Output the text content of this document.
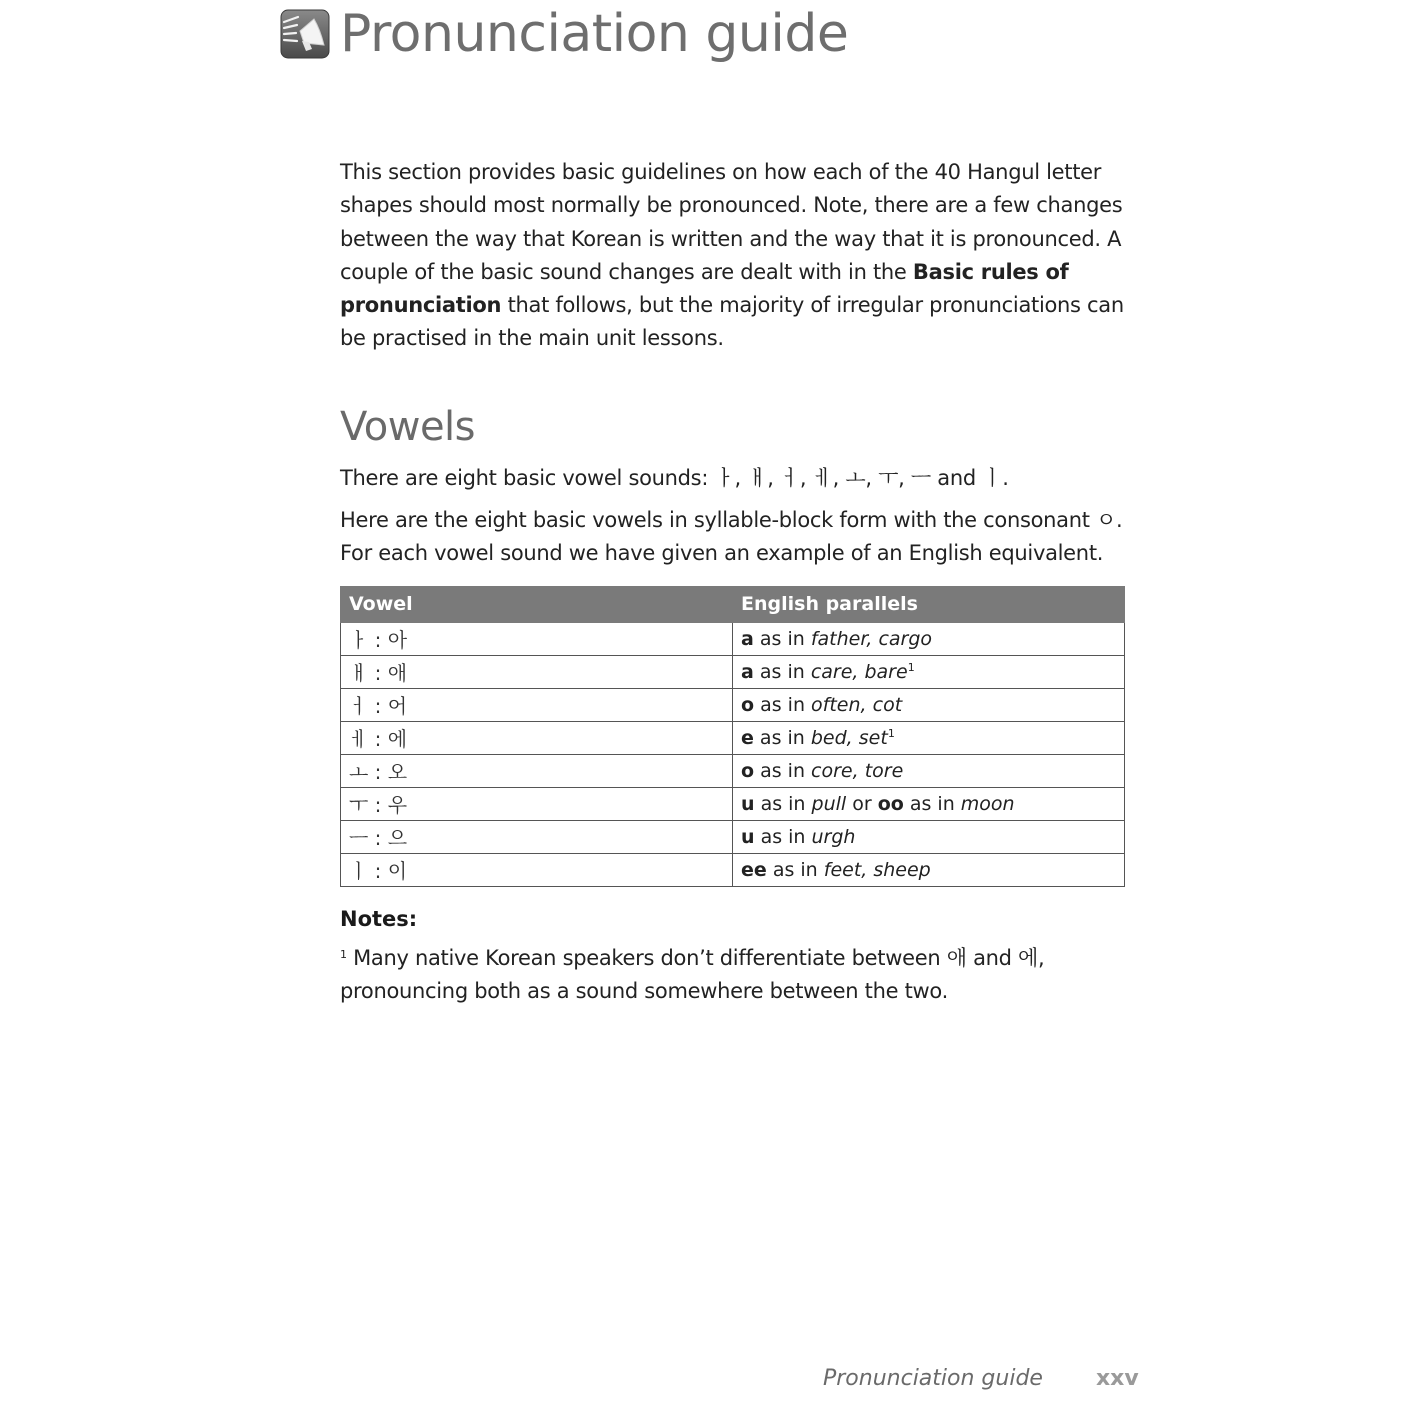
Pronunciation guide

This section provides basic guidelines on how each of the 40 Hangul letter shapes should most normally be pronounced. Note, there are a few changes between the way that Korean is written and the way that it is pronounced. A couple of the basic sound changes are dealt with in the Basic rules of pronunciation that follows, but the majority of irregular pronunciations can be practised in the main unit lessons.

Vowels

There are eight basic vowel sounds: ㅏ, ㅐ, ㅓ, ㅔ, ㅗ, ㅜ, ㅡ and ㅣ.

Here are the eight basic vowels in syllable-block form with the consonant ㅇ. For each vowel sound we have given an example of an English equivalent.

Vowel	English parallels
ㅏ : 아	a as in father, cargo
ㅐ : 애	a as in care, bare$^1$
ㅓ : 어	o as in often, cot
ㅔ : 에	e as in bed, set$^1$
ㅗ : 오	o as in core, tore
ㅜ : 우	u as in pull or oo as in moon
ㅡ : 으	u as in urgh
ㅣ : 이	ee as in feet, sheep
Notes:

$^1$ Many native Korean speakers don’t differentiate between 애 and 에, pronouncing both as a sound somewhere between the two.

Pronunciation guide xxv
